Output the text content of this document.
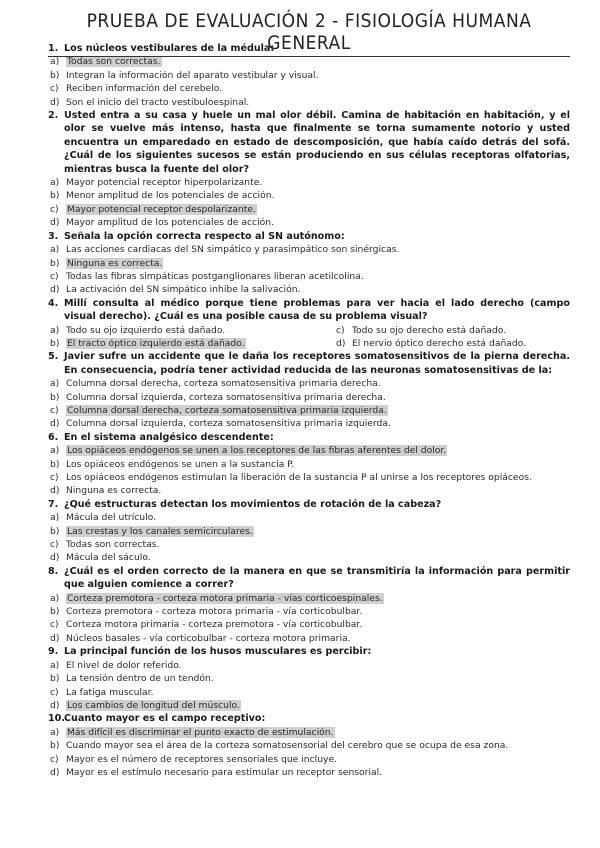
PRUEBA DE EVALUACIÓN 2 - FISIOLOGÍA HUMANA GENERAL
1. Los núcleos vestibulares de la médula:
a) Todas son correctas.
b) Integran la información del aparato vestibular y visual.
c) Reciben información del cerebelo.
d) Son el inicio del tracto vestibuloespinal.
2. Usted entra a su casa y huele un mal olor débil. Camina de habitación en habitación, y el olor se vuelve más intenso, hasta que finalmente se torna sumamente notorio y usted encuentra un emparedado en estado de descomposición, que había caído detrás del sofá. ¿Cuál de los siguientes sucesos se están produciendo en sus células receptoras olfatorias, mientras busca la fuente del olor?
a) Mayor potencial receptor hiperpolarizante.
b) Menor amplitud de los potenciales de acción.
c) Mayor potencial receptor despolarizante.
d) Mayor amplitud de los potenciales de acción.
3. Señala la opción correcta respecto al SN autónomo:
a) Las acciones cardiacas del SN simpático y parasimpático son sinérgicas.
b) Ninguna es correcta.
c) Todas las fibras simpáticas postganglionares liberan acetilcolina.
d) La activación del SN simpático inhibe la salivación.
4. Millí consulta al médico porque tiene problemas para ver hacia el lado derecho (campo visual derecho). ¿Cuál es una posible causa de su problema visual?
a) Todo su ojo izquierdo está dañado.	c) Todo su ojo derecho está dañado.
b) El tracto óptico izquierdo está dañado.	d) El nervio óptico derecho está dañado.
5. Javier sufre un accidente que le daña los receptores somatosensitivos de la pierna derecha. En consecuencia, podría tener actividad reducida de las neuronas somatosensitivas de la:
a) Columna dorsal derecha, corteza somatosensitiva primaria derecha.
b) Columna dorsal izquierda, corteza somatosensitiva primaria derecha.
c) Columna dorsal derecha, corteza somatosensitiva primaria izquierda.
d) Columna dorsal izquierda, corteza somatosensitiva primaria izquierda.
6. En el sistema analgésico descendente:
a) Los opiáceos endógenos se unen a los receptores de las fibras aferentes del dolor.
b) Los opiáceos endógenos se unen a la sustancia P.
c) Los opiáceos endógenos estimulan la liberación de la sustancia P al unirse a los receptores opiáceos.
d) Ninguna es correcta.
7. ¿Qué estructuras detectan los movimientos de rotación de la cabeza?
a) Mácula del utrículo.
b) Las crestas y los canales semicirculares.
c) Todas son correctas.
d) Mácula del sáculo.
8. ¿Cuál es el orden correcto de la manera en que se transmitiría la información para permitir que alguien comience a correr?
a) Corteza premotora - corteza motora primaria - vías corticoespinales.
b) Corteza premotora - corteza motora primaria - vía corticobulbar.
c) Corteza motora primaria - corteza premotora - vía corticobulbar.
d) Núcleos basales - vía corticobulbar - corteza motora primaria.
9. La principal función de los husos musculares es percibir:
a) El nivel de dolor referido.
b) La tensión dentro de un tendón.
c) La fatiga muscular.
d) Los cambios de longitud del músculo.
10. Cuanto mayor es el campo receptivo:
a) Más difícil es discriminar el punto exacto de estimulación.
b) Cuando mayor sea el área de la corteza somatosensorial del cerebro que se ocupa de esa zona.
c) Mayor es el número de receptores sensoriales que incluye.
d) Mayor es el estímulo necesario para estimular un receptor sensorial.
